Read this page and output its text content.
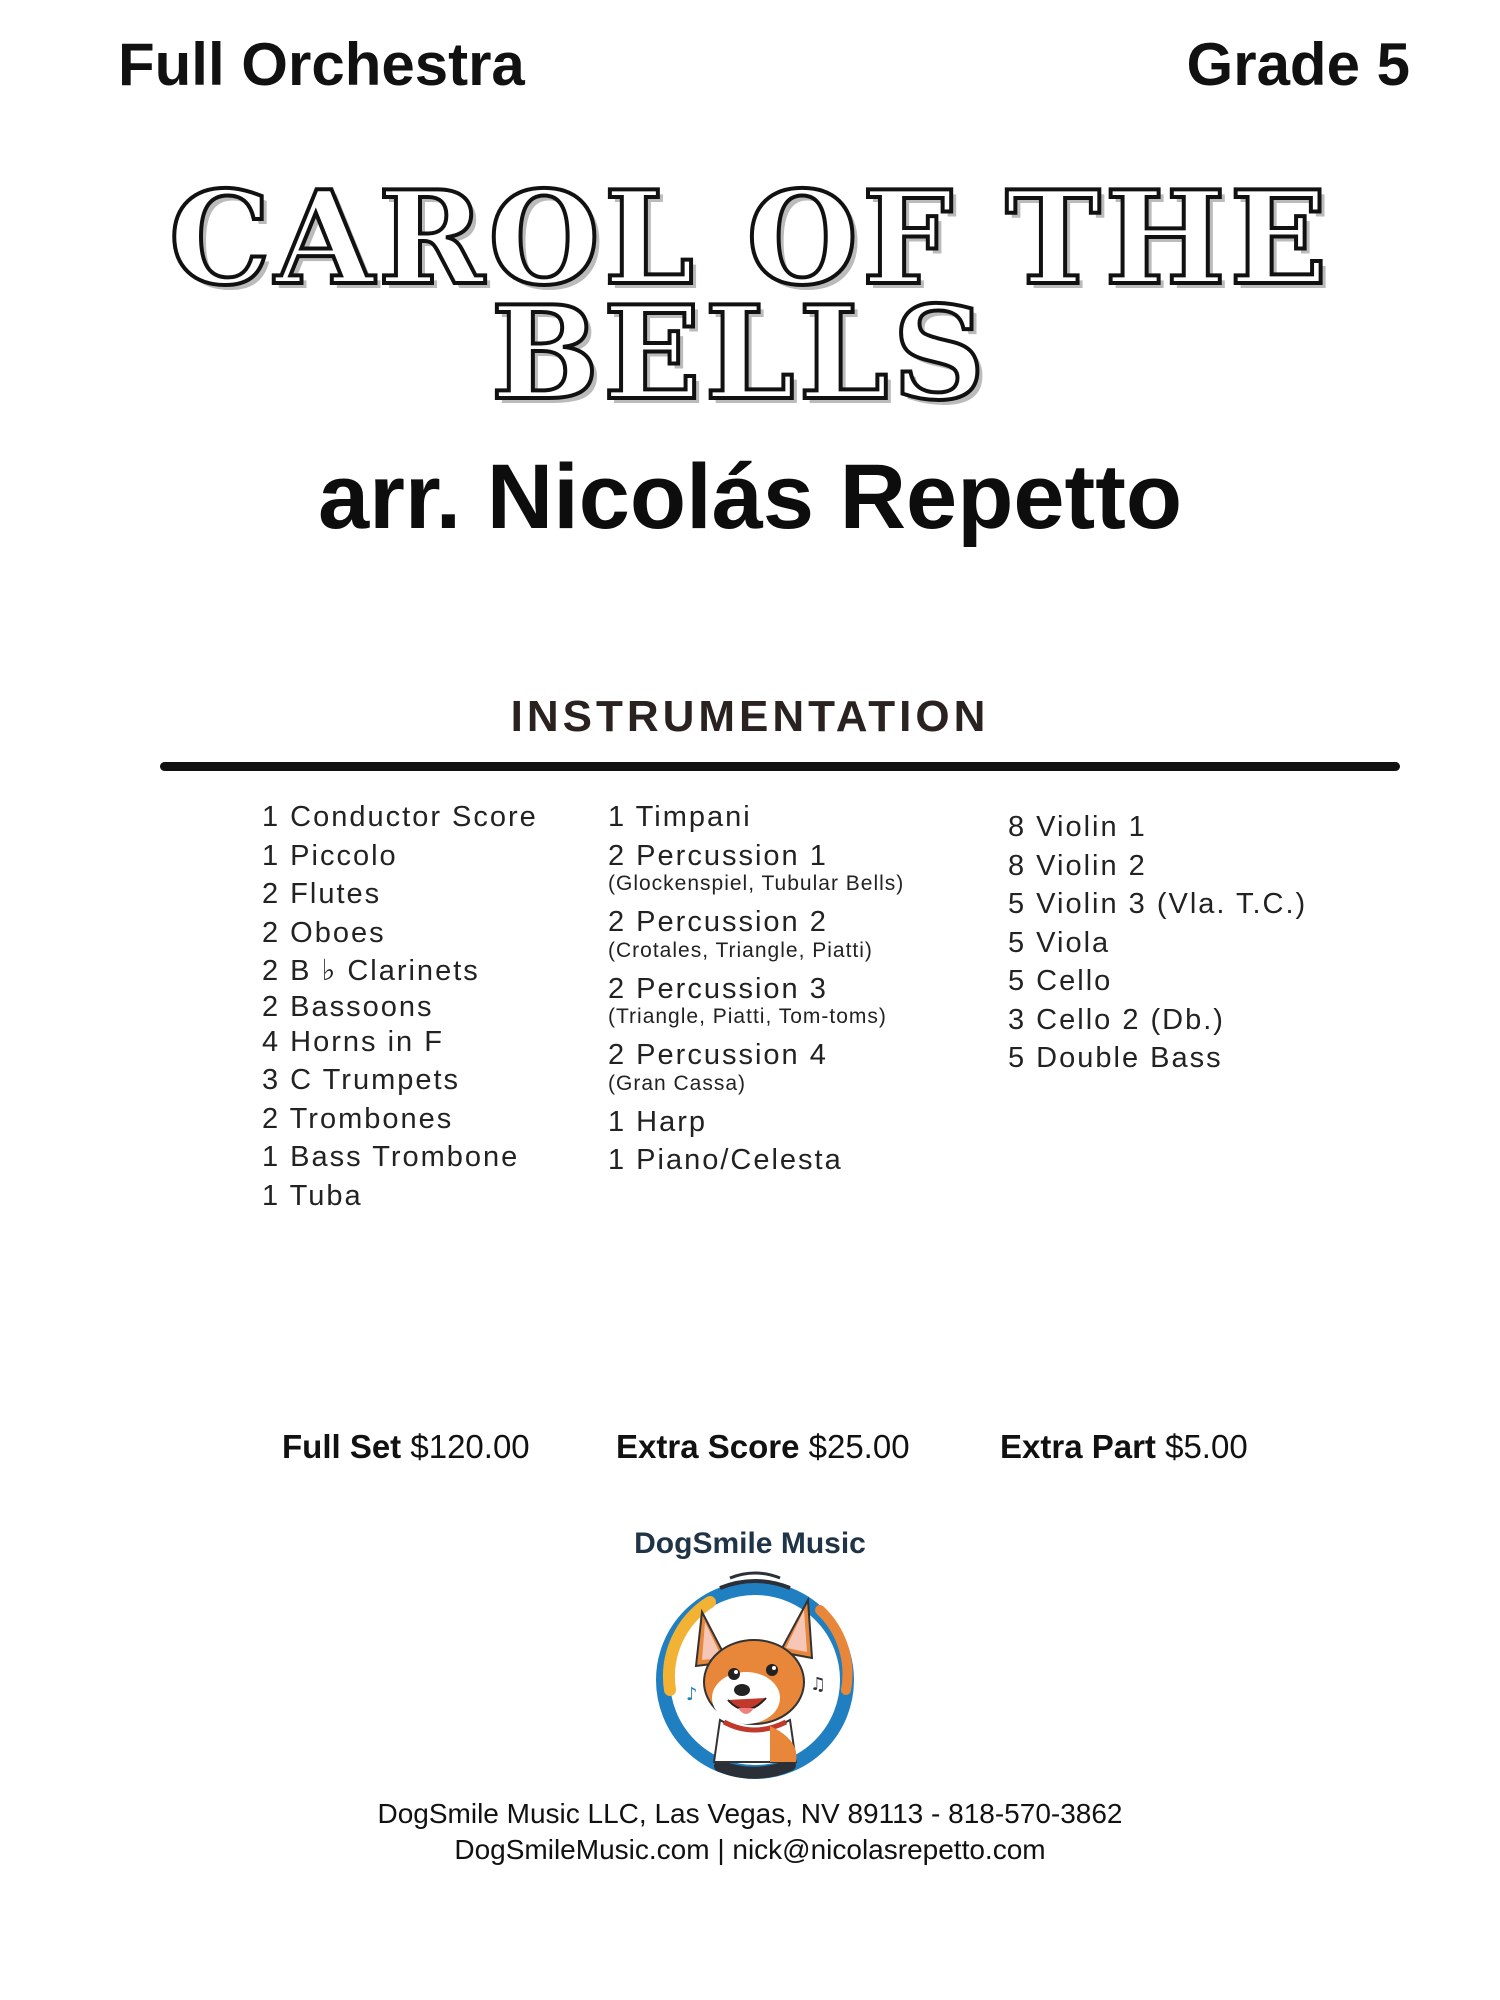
Full Orchestra	Grade 5
CAROL OF THE
BELLS
arr. Nicolás Repetto
INSTRUMENTATION
1 Conductor Score
1 Piccolo
2 Flutes
2 Oboes
2 B ♭ Clarinets
2 Bassoons
4 Horns in F
3 C Trumpets
2 Trombones
1 Bass Trombone
1 Tuba
1 Timpani
2 Percussion 1
(Glockenspiel, Tubular Bells)
2 Percussion 2
(Crotales, Triangle, Piatti)
2 Percussion 3
(Triangle, Piatti, Tom-toms)
2 Percussion 4
(Gran Cassa)
1 Harp
1 Piano/Celesta
8 Violin 1
8 Violin 2
5 Violin 3 (Vla. T.C.)
5 Viola
5 Cello
3 Cello 2 (Db.)
5 Double Bass
Full Set $120.00	Extra Score $25.00	Extra Part $5.00
DogSmile Music
♪	♫
DogSmile Music LLC, Las Vegas, NV 89113 - 818-570-3862
DogSmileMusic.com | nick@nicolasrepetto.com
